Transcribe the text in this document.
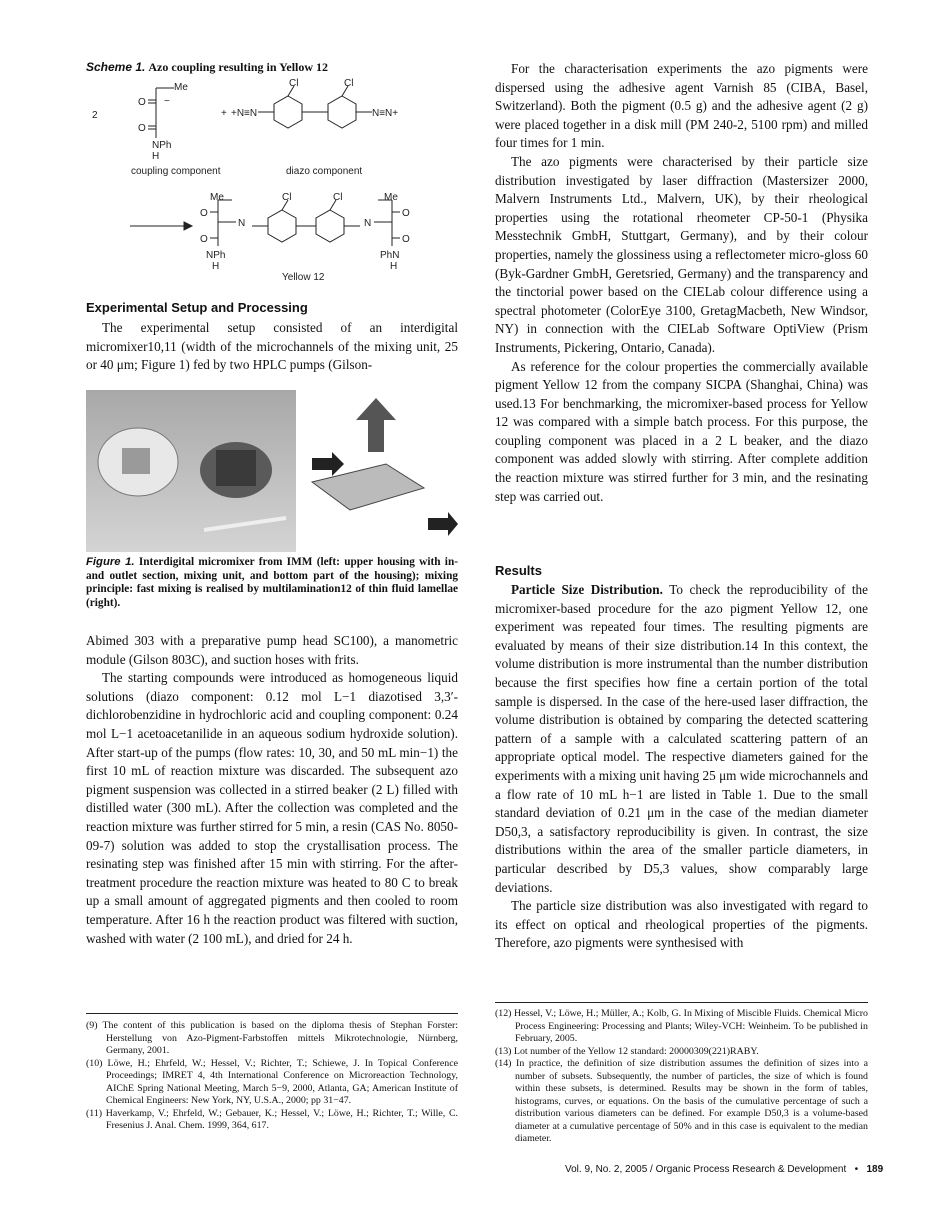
Scheme 1. Azo coupling resulting in Yellow 12
2
Me
−
O
O
NPh
H
+ +N≡N	N≡N+
Cl	Cl
coupling component	diazo component
Me	Me
O
O
O
O
N	N
Cl	Cl
NPh
H
PhN
H
Yellow 12
Experimental Setup and Processing

The experimental setup consisted of an interdigital micromixer10,11 (width of the microchannels of the mixing unit, 25 or 40 μm; Figure 1) fed by two HPLC pumps (Gilson-

Figure 1. Interdigital micromixer from IMM (left: upper housing with in- and outlet section, mixing unit, and bottom part of the housing); mixing principle: fast mixing is realised by multilamination12 of thin fluid lamellae (right).

Abimed 303 with a preparative pump head SC100), a manometric module (Gilson 803C), and suction hoses with frits.

The starting compounds were introduced as homogeneous liquid solutions (diazo component: 0.12 mol L−1 diazotised 3,3′-dichlorobenzidine in hydrochloric acid and coupling component: 0.24 mol L−1 acetoacetanilide in an aqueous sodium hydroxide solution). After start-up of the pumps (flow rates: 10, 30, and 50 mL min−1) the first 10 mL of reaction mixture was discarded. The subsequent azo pigment suspension was collected in a stirred beaker (2 L) filled with distilled water (300 mL). After the collection was completed and the reaction mixture was further stirred for 5 min, a resin (CAS No. 8050-09-7) solution was added to stop the crystallisation process. The resinating step was finished after 15 min with stirring. For the after-treatment procedure the reaction mixture was heated to 80 C to break up a small amount of aggregated pigments and then cooled to room temperature. After 16 h the reaction product was filtered with suction, washed with water (2 100 mL), and dried for 24 h.

(9) The content of this publication is based on the diploma thesis of Stephan Forster: Herstellung von Azo-Pigment-Farbstoffen mittels Mikrotechnologie, Nürnberg, Germany, 2001.

(10) Löwe, H.; Ehrfeld, W.; Hessel, V.; Richter, T.; Schiewe, J. In Topical Conference Proceedings; IMRET 4, 4th International Conference on Microreaction Technology, AIChE Spring National Meeting, March 5−9, 2000, Atlanta, GA; American Institute of Chemical Engineers: New York, NY, U.S.A., 2000; pp 31−47.

(11) Haverkamp, V.; Ehrfeld, W.; Gebauer, K.; Hessel, V.; Löwe, H.; Richter, T.; Wille, C. Fresenius J. Anal. Chem. 1999, 364, 617.

For the characterisation experiments the azo pigments were dispersed using the adhesive agent Varnish 85 (CIBA, Basel, Switzerland). Both the pigment (0.5 g) and the adhesive agent (2 g) were placed together in a disk mill (PM 240-2, 5100 rpm) and milled four times for 1 min.

The azo pigments were characterised by their particle size distribution investigated by laser diffraction (Mastersizer 2000, Malvern Instruments Ltd., Malvern, UK), by their rheological properties using the rotational rheometer CP-50-1 (Physika Messtechnik GmbH, Stuttgart, Germany), and by their colour properties, namely the glossiness using a reflectometer micro-gloss 60 (Byk-Gardner GmbH, Geretsried, Germany) and the transparency and the tinctorial power based on the CIELab colour difference using a spectral photometer (ColorEye 3100, GretagMacbeth, New Windsor, NY) in connection with the CIELab Software OptiView (Prism Instruments, Pickering, Ontario, Canada).

As reference for the colour properties the commercially available pigment Yellow 12 from the company SICPA (Shanghai, China) was used.13 For benchmarking, the micromixer-based process for Yellow 12 was compared with a simple batch process. For this purpose, the coupling component was placed in a 2 L beaker, and the diazo component was added slowly with stirring. After complete addition the reaction mixture was stirred further for 3 min, and the resinating step was carried out.

Results

Particle Size Distribution. To check the reproducibility of the micromixer-based procedure for the azo pigment Yellow 12, one experiment was repeated four times. The resulting pigments are evaluated by means of their size distribution.14 In this context, the volume distribution is more instrumental than the number distribution because the first specifies how fine a certain portion of the total sample is dispersed. In the case of the here-used laser diffraction, the volume distribution is obtained by comparing the detected scattering pattern of a sample with a calculated scattering pattern of an appropriate optical model. The respective diameters gained for the experiments with a mixing unit having 25 μm wide microchannels and a flow rate of 10 mL h−1 are listed in Table 1. Due to the small standard deviation of 0.21 μm in the case of the median diameter D50,3, a satisfactory reproducibility is given. In contrast, the size distributions within the area of the smaller particle diameters, in particular described by D5,3 values, show comparably large deviations.

The particle size distribution was also investigated with regard to its effect on optical and rheological properties of the pigments. Therefore, azo pigments were synthesised with

(12) Hessel, V.; Löwe, H.; Müller, A.; Kolb, G. In Mixing of Miscible Fluids. Chemical Micro Process Engineering: Processing and Plants; Wiley-VCH: Weinheim. To be published in February, 2005.

(13) Lot number of the Yellow 12 standard: 20000309(221)RABY.

(14) In practice, the definition of size distribution assumes the definition of sizes into a number of subsets. Subsequently, the number of particles, the size of which is found within these subsets, is determined. Results may be shown in the form of tables, histograms, curves, or equations. On the basis of the cumulative percentage of such a distribution various diameters can be defined. For example D50,3 is a volume-based diameter at a cumulative percentage of 50% and in this case is equivalent to the median diameter.

Vol. 9, No. 2, 2005 / Organic Process Research & Development • 189
